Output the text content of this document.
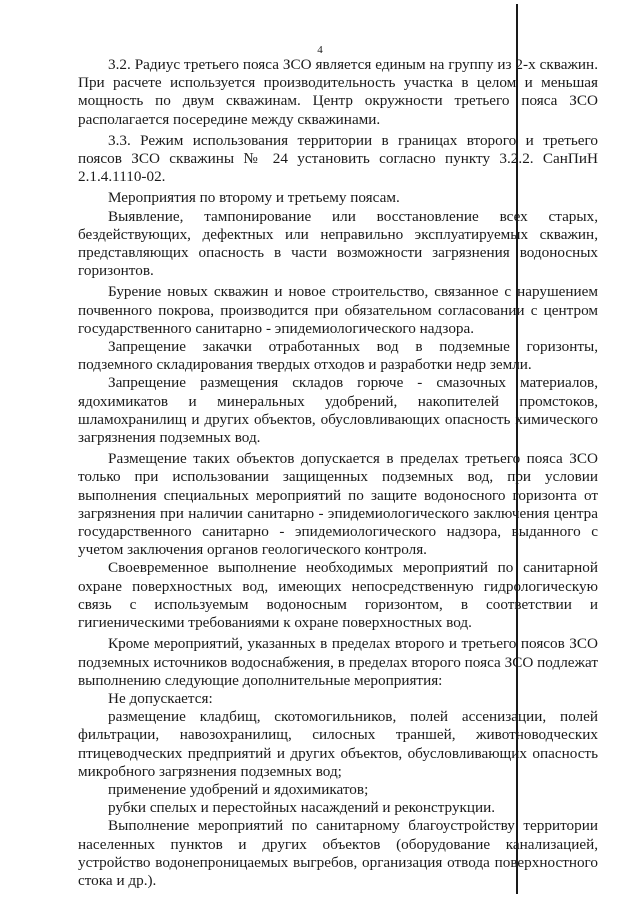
4

3.2. Радиус третьего пояса ЗСО является единым на группу из 2-х скважин. При расчете используется производительность участка в целом и меньшая мощность по двум скважинам. Центр окружности третьего пояса ЗСО располагается посередине между скважинами.

3.3. Режим использования территории в границах второго и третьего поясов ЗСО скважины № 24 установить согласно пункту 3.2.2. СанПиН 2.1.4.1110-02.

Мероприятия по второму и третьему поясам.

Выявление, тампонирование или восстановление всех старых, бездействующих, дефектных или неправильно эксплуатируемых скважин, представляющих опасность в части возможности загрязнения водоносных горизонтов.

Бурение новых скважин и новое строительство, связанное с нарушением почвенного покрова, производится при обязательном согласовании с центром государственного санитарно - эпидемиологического надзора.

Запрещение закачки отработанных вод в подземные горизонты, подземного складирования твердых отходов и разработки недр земли.

Запрещение размещения складов горюче - смазочных материалов, ядохимикатов и минеральных удобрений, накопителей промстоков, шламохранилищ и других объектов, обусловливающих опасность химического загрязнения подземных вод.

Размещение таких объектов допускается в пределах третьего пояса ЗСО только при использовании защищенных подземных вод, при условии выполнения специальных мероприятий по защите водоносного горизонта от загрязнения при наличии санитарно - эпидемиологического заключения центра государственного санитарно - эпидемиологического надзора, выданного с учетом заключения органов геологического контроля.

Своевременное выполнение необходимых мероприятий по санитарной охране поверхностных вод, имеющих непосредственную гидрологическую связь с используемым водоносным горизонтом, в соответствии и гигиеническими требованиями к охране поверхностных вод.

Кроме мероприятий, указанных в пределах второго и третьего поясов ЗСО подземных источников водоснабжения, в пределах второго пояса ЗСО подлежат выполнению следующие дополнительные мероприятия:

Не допускается:

размещение кладбищ, скотомогильников, полей ассенизации, полей фильтрации, навозохранилищ, силосных траншей, животноводческих птицеводческих предприятий и других объектов, обусловливающих опасность микробного загрязнения подземных вод;

применение удобрений и ядохимикатов;

рубки спелых и перестойных насаждений и реконструкции.

Выполнение мероприятий по санитарному благоустройству территории населенных пунктов и других объектов (оборудование канализацией, устройство водонепроницаемых выгребов, организация отвода поверхностного стока и др.).
